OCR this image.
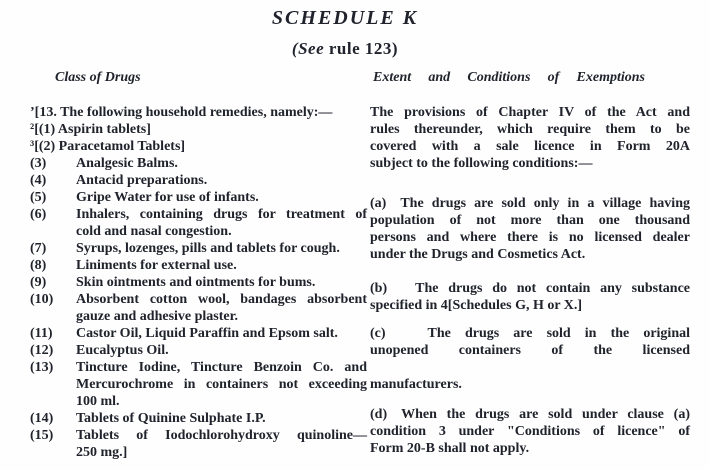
SCHEDULE K
(See rule 123)
Class of Drugs	Extent and Conditions of Exemptions
’[13. The following household remedies, namely:—
²[(1) Aspirin tablets]
³[(2) Paracetamol Tablets]
(3) Analgesic Balms.
(4) Antacid preparations.
(5) Gripe Water for use of infants.
(6) Inhalers, containing drugs for treatment of
cold and nasal congestion.
(7) Syrups, lozenges, pills and tablets for cough.
(8) Liniments for external use.
(9) Skin ointments and ointments for bums.
(10) Absorbent cotton wool, bandages absorbent
gauze and adhesive plaster.
(11) Castor Oil, Liquid Paraffin and Epsom salt.
(12) Eucalyptus Oil.
(13) Tincture Iodine, Tincture Benzoin Co. and
Mercurochrome in containers not exceeding
100 ml.
(14) Tablets of Quinine Sulphate I.P.
(15) Tablets of Iodochlorohydroxy quinoline—
250 mg.]
The provisions of Chapter IV of the Act and
rules thereunder, which require them to be
covered with a sale licence in Form 20A
subject to the following conditions:—
(a) The drugs are sold only in a village having
population of not more than one thousand
persons and where there is no licensed dealer
under the Drugs and Cosmetics Act.
(b)  The drugs do not contain any substance
specified in 4[Schedules G, H or X.]
(c)   The drugs are sold in the original
unopened containers of the licensed
manufacturers.
(d) When the drugs are sold under clause (a)
condition 3 under "Conditions of licence" of
Form 20-B shall not apply.
